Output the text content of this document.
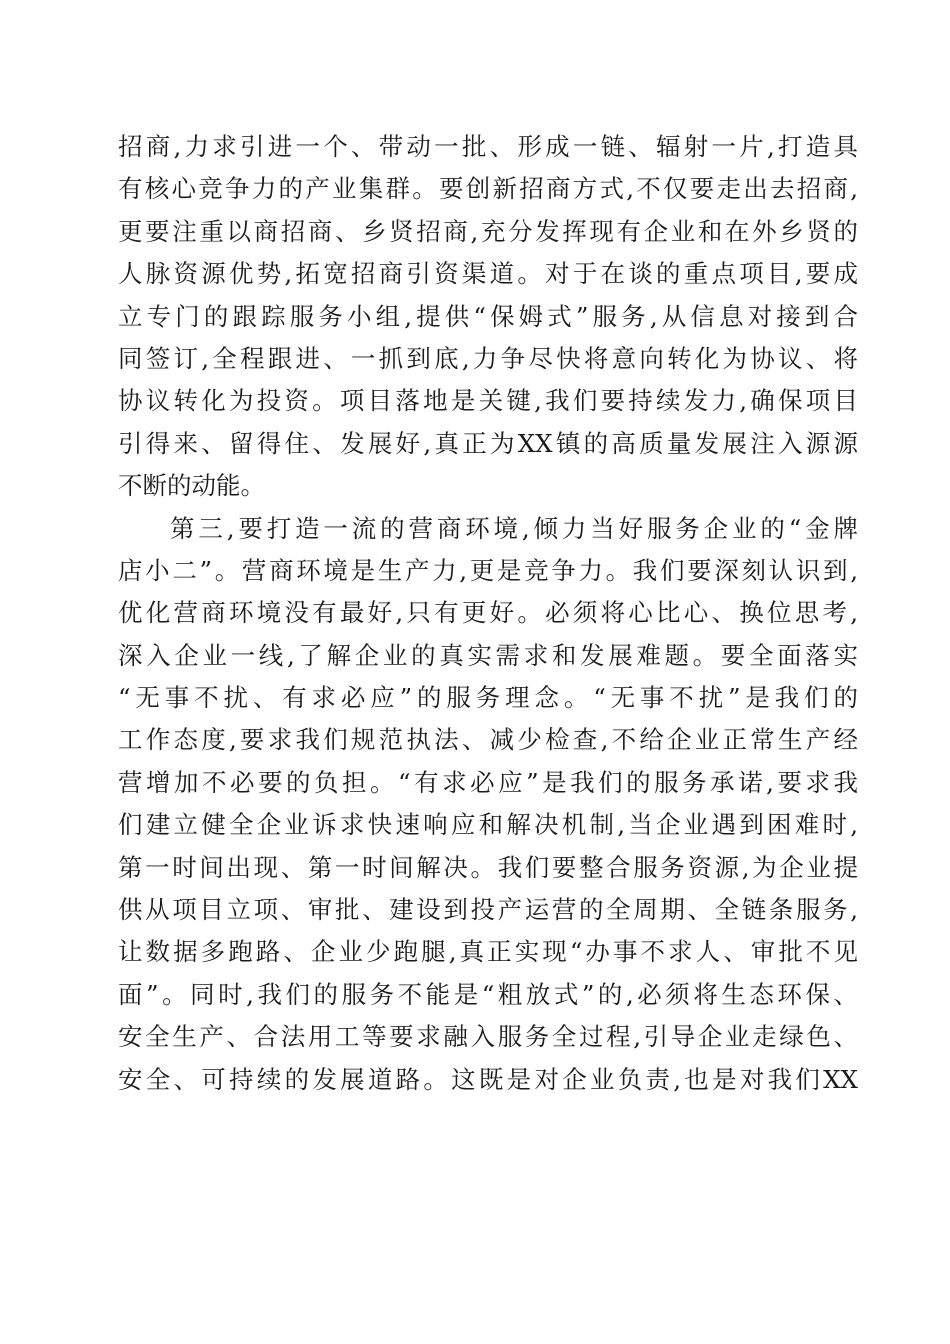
招商,力求引进一个、带动一批、形成一链、辐射一片,打造具
有核心竞争力的产业集群。要创新招商方式,不仅要走出去招商,
更要注重以商招商、乡贤招商,充分发挥现有企业和在外乡贤的
人脉资源优势,拓宽招商引资渠道。对于在谈的重点项目,要成
立专门的跟踪服务小组,提供“保姆式”服务,从信息对接到合
同签订,全程跟进、一抓到底,力争尽快将意向转化为协议、将
协议转化为投资。项目落地是关键,我们要持续发力,确保项目
引得来、留得住、发展好,真正为XX镇的高质量发展注入源源
不断的动能。
第三,要打造一流的营商环境,倾力当好服务企业的“金牌
店小二”。营商环境是生产力,更是竞争力。我们要深刻认识到,
优化营商环境没有最好,只有更好。必须将心比心、换位思考,
深入企业一线,了解企业的真实需求和发展难题。要全面落实
“无事不扰、有求必应”的服务理念。“无事不扰”是我们的
工作态度,要求我们规范执法、减少检查,不给企业正常生产经
营增加不必要的负担。“有求必应”是我们的服务承诺,要求我
们建立健全企业诉求快速响应和解决机制,当企业遇到困难时,
第一时间出现、第一时间解决。我们要整合服务资源,为企业提
供从项目立项、审批、建设到投产运营的全周期、全链条服务,
让数据多跑路、企业少跑腿,真正实现“办事不求人、审批不见
面”。同时,我们的服务不能是“粗放式”的,必须将生态环保、
安全生产、合法用工等要求融入服务全过程,引导企业走绿色、
安全、可持续的发展道路。这既是对企业负责,也是对我们XX
